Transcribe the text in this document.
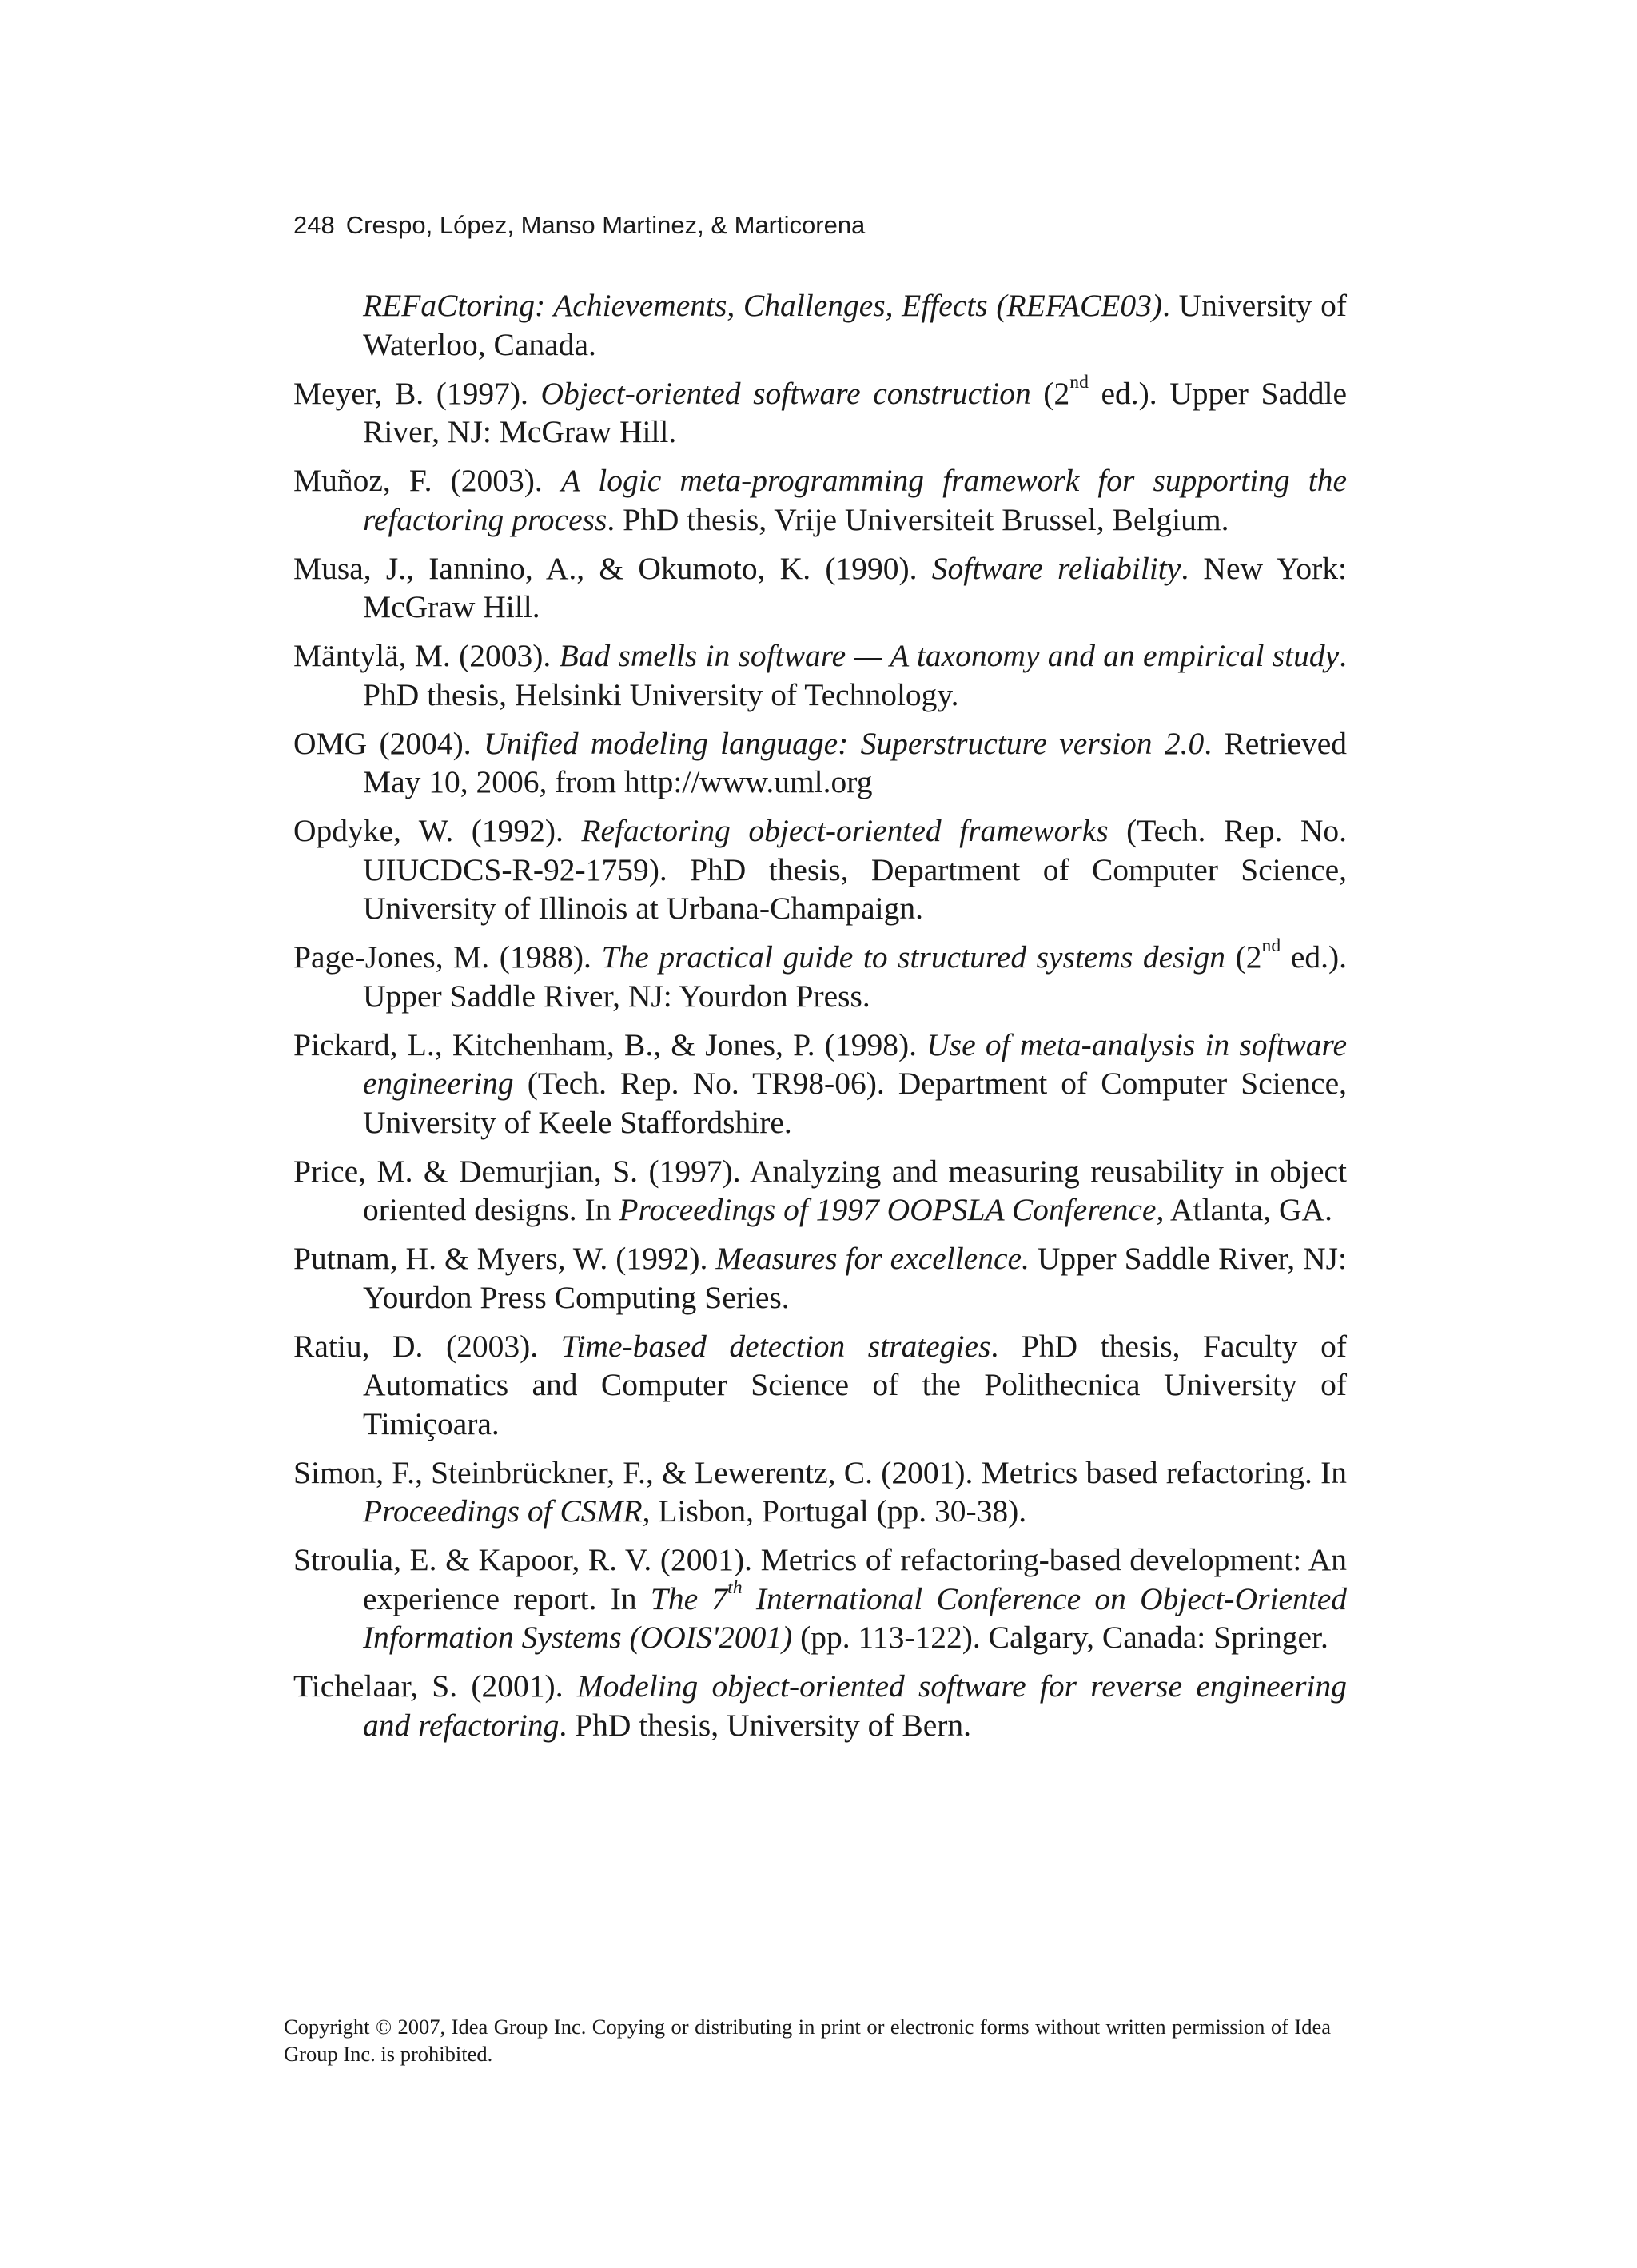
248 Crespo, López, Manso Martinez, & Marticorena

REFaCtoring: Achievements, Challenges, Effects (REFACE03). University of Waterloo, Canada.

Meyer, B. (1997). Object-oriented software construction (2nd ed.). Upper Saddle River, NJ: McGraw Hill.

Muñoz, F. (2003). A logic meta-programming framework for supporting the refactoring process. PhD thesis, Vrije Universiteit Brussel, Belgium.

Musa, J., Iannino, A., & Okumoto, K. (1990). Software reliability. New York: McGraw Hill.

Mäntylä, M. (2003). Bad smells in software — A taxonomy and an empirical study. PhD thesis, Helsinki University of Technology.

OMG (2004). Unified modeling language: Superstructure version 2.0. Retrieved May 10, 2006, from http://www.uml.org

Opdyke, W. (1992). Refactoring object-oriented frameworks (Tech. Rep. No. UIUCDCS-R-92-1759). PhD thesis, Department of Computer Science, University of Illinois at Urbana-Champaign.

Page-Jones, M. (1988). The practical guide to structured systems design (2nd ed.). Upper Saddle River, NJ: Yourdon Press.

Pickard, L., Kitchenham, B., & Jones, P. (1998). Use of meta-analysis in software engineering (Tech. Rep. No. TR98-06). Department of Computer Science, University of Keele Staffordshire.

Price, M. & Demurjian, S. (1997). Analyzing and measuring reusability in object oriented designs. In Proceedings of 1997 OOPSLA Conference, Atlanta, GA.

Putnam, H. & Myers, W. (1992). Measures for excellence. Upper Saddle River, NJ: Yourdon Press Computing Series.

Ratiu, D. (2003). Time-based detection strategies. PhD thesis, Faculty of Automatics and Computer Science of the Polithecnica University of Timiçoara.

Simon, F., Steinbrückner, F., & Lewerentz, C. (2001). Metrics based refactoring. In Proceedings of CSMR, Lisbon, Portugal (pp. 30-38).

Stroulia, E. & Kapoor, R. V. (2001). Metrics of refactoring-based development: An experience report. In The 7th International Conference on Object-Oriented Information Systems (OOIS'2001) (pp. 113-122). Calgary, Canada: Springer.

Tichelaar, S. (2001). Modeling object-oriented software for reverse engineering and refactoring. PhD thesis, University of Bern.

Copyright © 2007, Idea Group Inc. Copying or distributing in print or electronic forms without written permission of Idea Group Inc. is prohibited.
